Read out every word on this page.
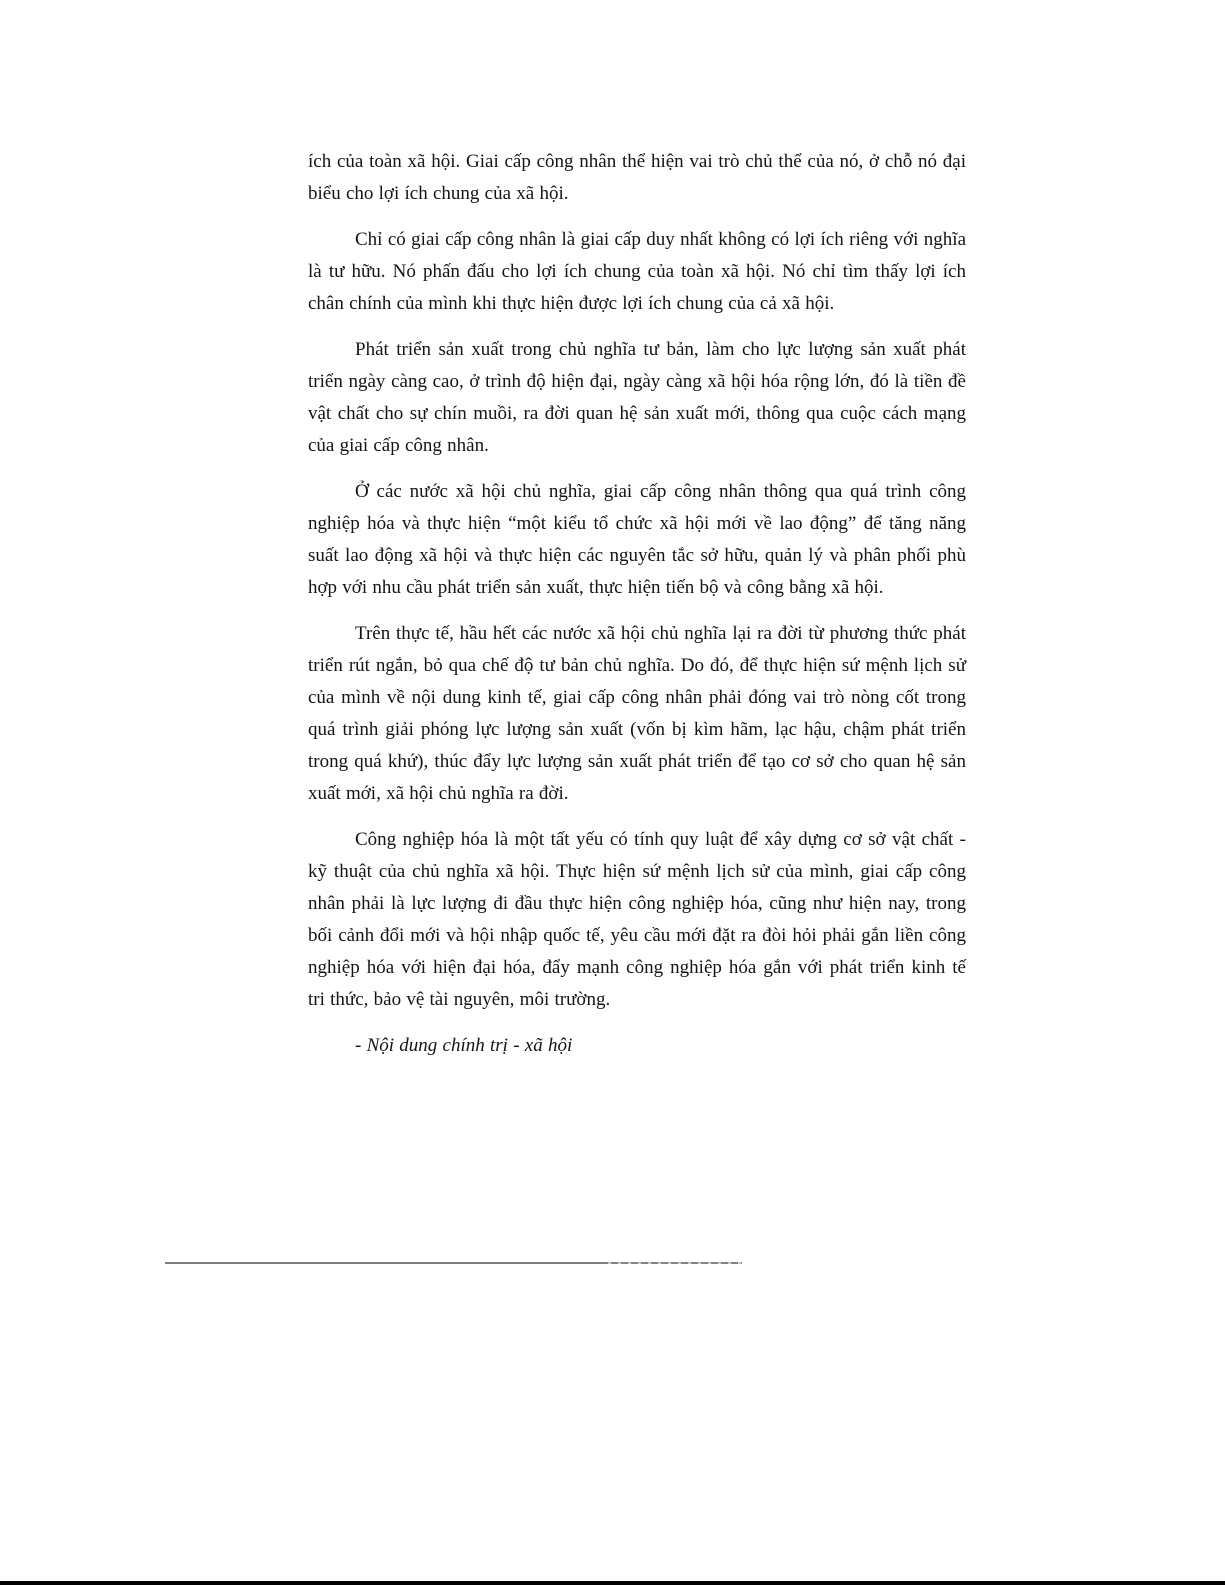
ích của toàn xã hội. Giai cấp công nhân thể hiện vai trò chủ thể của nó, ở chỗ nó đại
biểu cho lợi ích chung của xã hội.
Chỉ có giai cấp công nhân là giai cấp duy nhất không có lợi ích riêng với nghĩa
là tư hữu. Nó phấn đấu cho lợi ích chung của toàn xã hội. Nó chỉ tìm thấy lợi ích
chân chính của mình khi thực hiện được lợi ích chung của cả xã hội.
Phát triển sản xuất trong chủ nghĩa tư bản, làm cho lực lượng sản xuất phát
triển ngày càng cao, ở trình độ hiện đại, ngày càng xã hội hóa rộng lớn, đó là tiền đề
vật chất cho sự chín muồi, ra đời quan hệ sản xuất mới, thông qua cuộc cách mạng
của giai cấp công nhân.
Ở các nước xã hội chủ nghĩa, giai cấp công nhân thông qua quá trình công
nghiệp hóa và thực hiện “một kiểu tổ chức xã hội mới về lao động” để tăng năng
suất lao động xã hội và thực hiện các nguyên tắc sở hữu, quản lý và phân phối phù
hợp với nhu cầu phát triển sản xuất, thực hiện tiến bộ và công bằng xã hội.
Trên thực tế, hầu hết các nước xã hội chủ nghĩa lại ra đời từ phương thức phát
triển rút ngắn, bỏ qua chế độ tư bản chủ nghĩa. Do đó, để thực hiện sứ mệnh lịch sử
của mình về nội dung kinh tế, giai cấp công nhân phải đóng vai trò nòng cốt trong
quá trình giải phóng lực lượng sản xuất (vốn bị kìm hãm, lạc hậu, chậm phát triển
trong quá khứ), thúc đẩy lực lượng sản xuất phát triển để tạo cơ sở cho quan hệ sản
xuất mới, xã hội chủ nghĩa ra đời.
Công nghiệp hóa là một tất yếu có tính quy luật để xây dựng cơ sở vật chất -
kỹ thuật của chủ nghĩa xã hội. Thực hiện sứ mệnh lịch sử của mình, giai cấp công
nhân phải là lực lượng đi đầu thực hiện công nghiệp hóa, cũng như hiện nay, trong
bối cảnh đổi mới và hội nhập quốc tế, yêu cầu mới đặt ra đòi hỏi phải gắn liền công
nghiệp hóa với hiện đại hóa, đẩy mạnh công nghiệp hóa gắn với phát triển kinh tế
tri thức, bảo vệ tài nguyên, môi trường.
- Nội dung chính trị - xã hội
